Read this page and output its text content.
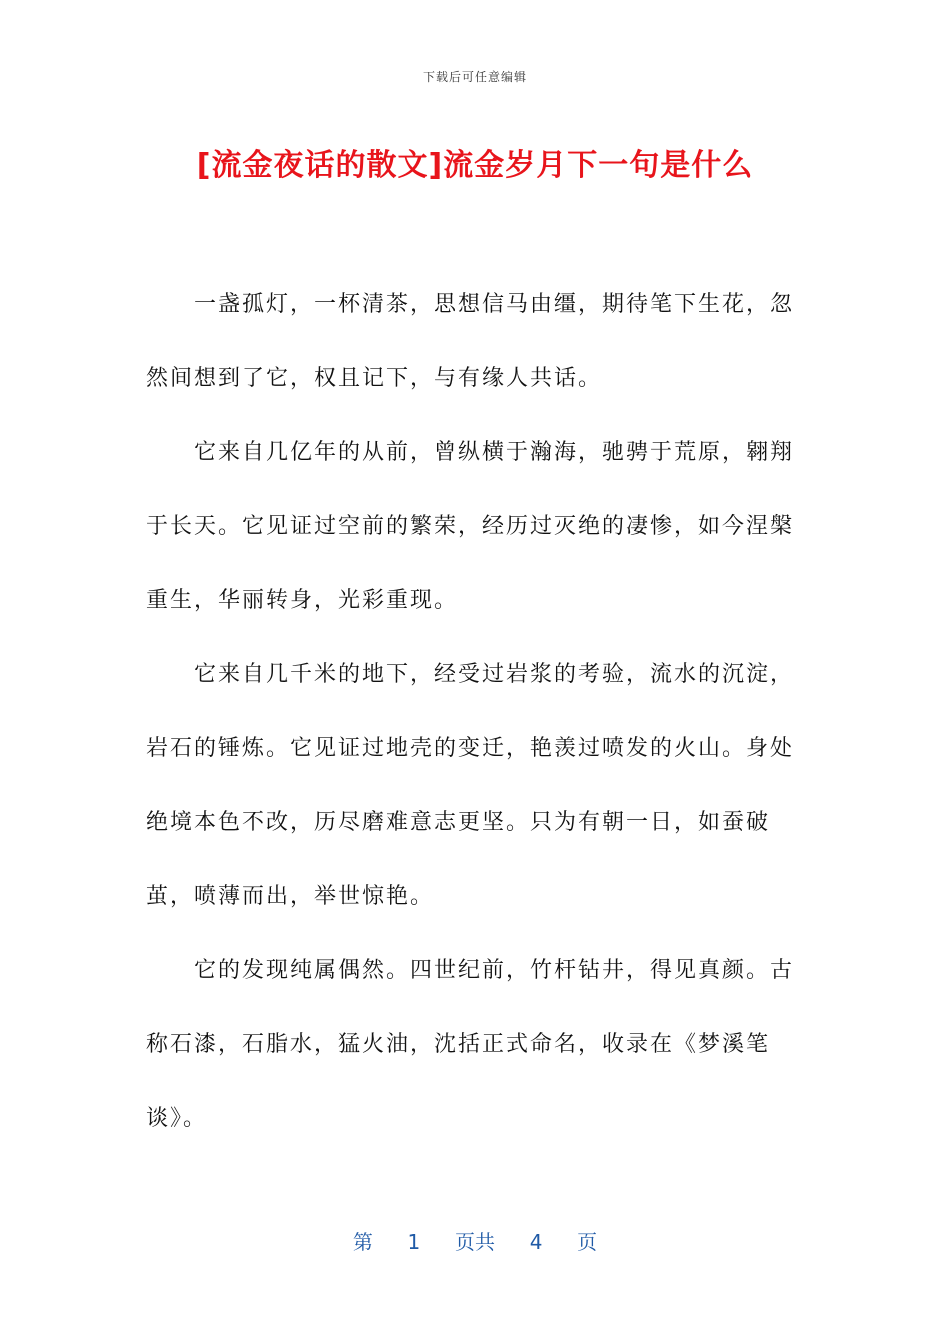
下载后可任意编辑
[流金夜话的散文]流金岁月下一句是什么

一盏孤灯，一杯清茶，思想信马由缰，期待笔下生花，忽然间想到了它，权且记下，与有缘人共话。

它来自几亿年的从前，曾纵横于瀚海，驰骋于荒原，翱翔于长天。它见证过空前的繁荣，经历过灭绝的凄惨，如今涅槃重生，华丽转身，光彩重现。

它来自几千米的地下，经受过岩浆的考验，流水的沉淀，岩石的锤炼。它见证过地壳的变迁，艳羡过喷发的火山。身处绝境本色不改，历尽磨难意志更坚。只为有朝一日，如蚕破茧，喷薄而出，举世惊艳。

它的发现纯属偶然。四世纪前，竹杆钻井，得见真颜。古称石漆，石脂水，猛火油，沈括正式命名，收录在《梦溪笔谈》。

第 1 页共 4 页
